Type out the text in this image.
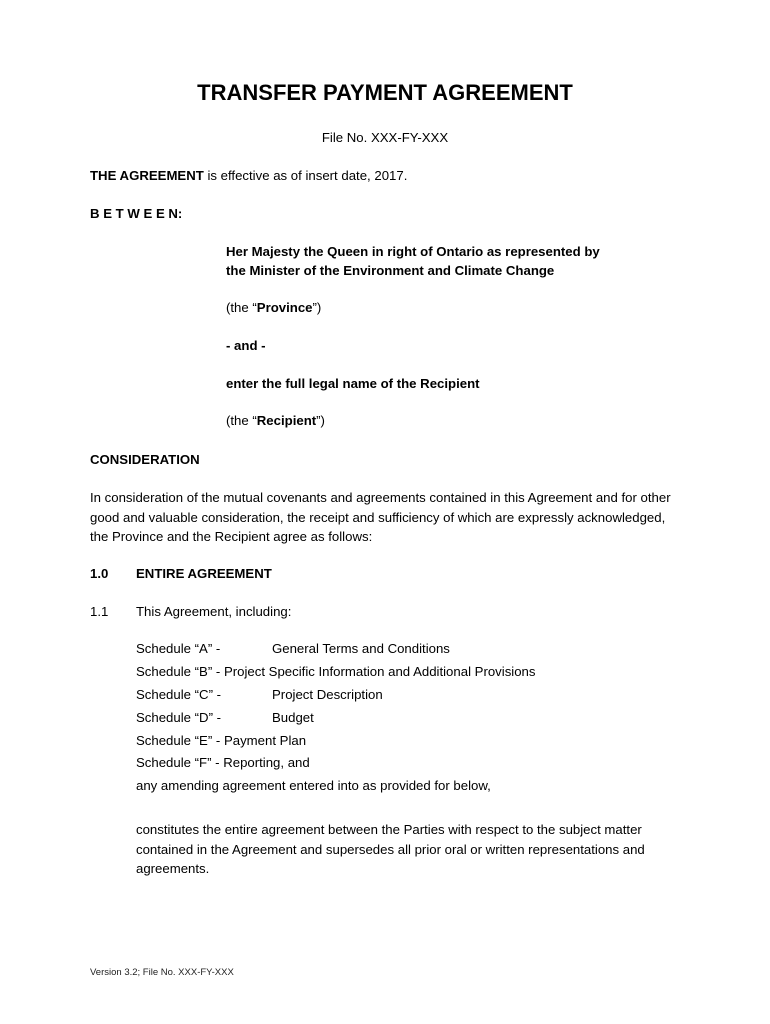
TRANSFER PAYMENT AGREEMENT
File No. XXX-FY-XXX
THE AGREEMENT is effective as of insert date, 2017.
B E T W E E N:
Her Majesty the Queen in right of Ontario as represented by
the Minister of the Environment and Climate Change
(the “Province”)
- and -
enter the full legal name of the Recipient
(the “Recipient”)
CONSIDERATION
In consideration of the mutual covenants and agreements contained in this Agreement and for other good and valuable consideration, the receipt and sufficiency of which are expressly acknowledged, the Province and the Recipient agree as follows:
1.0 ENTIRE AGREEMENT
1.1 This Agreement, including:
Schedule “A” -	General Terms and Conditions
Schedule “B” - Project Specific Information and Additional Provisions
Schedule “C” -	Project Description
Schedule “D” -	Budget
Schedule “E” - Payment Plan
Schedule “F” - Reporting, and
any amending agreement entered into as provided for below,
constitutes the entire agreement between the Parties with respect to the subject matter contained in the Agreement and supersedes all prior oral or written representations and agreements.
Version 3.2; File No. XXX-FY-XXX
